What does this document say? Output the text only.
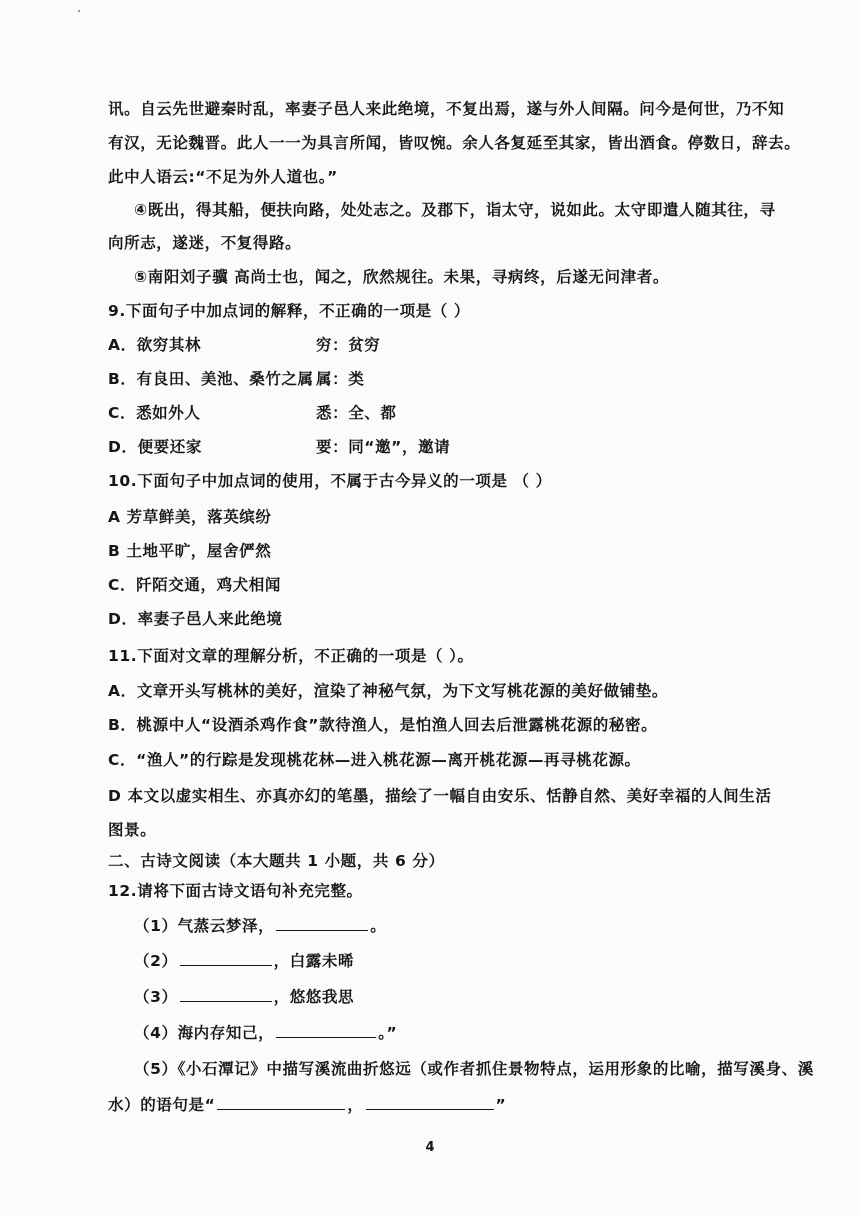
讯。自云先世避秦时乱，率妻子邑人来此绝境，不复出焉，遂与外人间隔。问今是何世，乃不知
有汉，无论魏晋。此人一一为具言所闻，皆叹惋。余人各复延至其家，皆出酒食。停数日，辞去。
此中人语云:“不足为外人道也。”
④既出，得其船，便扶向路，处处志之。及郡下，诣太守，说如此。太守即遣人随其往，寻
向所志，遂迷，不复得路。
⑤南阳刘子骥 高尚士也，闻之，欣然规往。未果，寻病终，后遂无问津者。
9.下面句子中加点词的解释，不正确的一项是（ ）
A．欲穷其林	穷：贫穷
B．有良田、美池、桑竹之属 属：类
C．悉如外人	悉：全、都
D．便要还家	要：同“邀”，邀请
10.下面句子中加点词的使用，不属于古今异义的一项是 （ ）
A 芳草鲜美，落英缤纷
B 土地平旷，屋舍俨然
C．阡陌交通，鸡犬相闻
D．率妻子邑人来此绝境
11.下面对文章的理解分析，不正确的一项是（ ）。
A．文章开头写桃林的美好，渲染了神秘气氛，为下文写桃花源的美好做铺垫。
B．桃源中人“设酒杀鸡作食”款待渔人，是怕渔人回去后泄露桃花源的秘密。
C．“渔人”的行踪是发现桃花林—进入桃花源—离开桃花源—再寻桃花源。
D 本文以虚实相生、亦真亦幻的笔墨，描绘了一幅自由安乐、恬静自然、美好幸福的人间生活
图景。
二、古诗文阅读（本大题共 1 小题，共 6 分）
12.请将下面古诗文语句补充完整。
（1）气蒸云梦泽，	。
（2）	，白露未晞
（3）	，悠悠我思
（4）海内存知己，	。”
（5）《小石潭记》中描写溪流曲折悠远（或作者抓住景物特点，运用形象的比喻，描写溪身、溪
水）的语句是“	，	”
4
